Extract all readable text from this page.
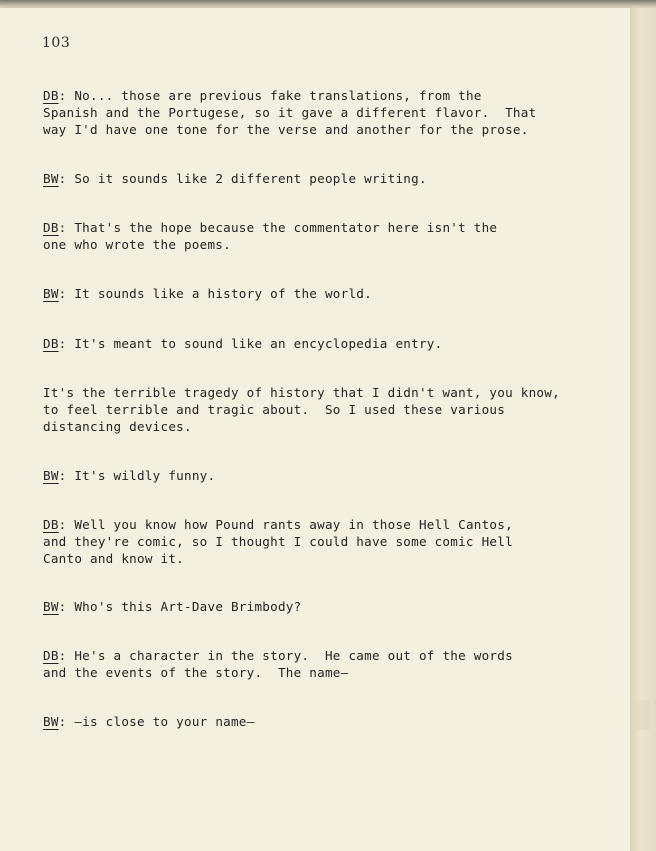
103
DB: No... those are previous fake translations, from the
Spanish and the Portugese, so it gave a different flavor.  That
way I'd have one tone for the verse and another for the prose.
BW: So it sounds like 2 different people writing.
DB: That's the hope because the commentator here isn't the
one who wrote the poems.
BW: It sounds like a history of the world.
DB: It's meant to sound like an encyclopedia entry.
It's the terrible tragedy of history that I didn't want, you know,
to feel terrible and tragic about.  So I used these various
distancing devices.
BW: It's wildly funny.
DB: Well you know how Pound rants away in those Hell Cantos,
and they're comic, so I thought I could have some comic Hell
Canto and know it.
BW: Who's this Art-Dave Brimbody?
DB: He's a character in the story.  He came out of the words
and the events of the story.  The name—
BW: —is close to your name—
